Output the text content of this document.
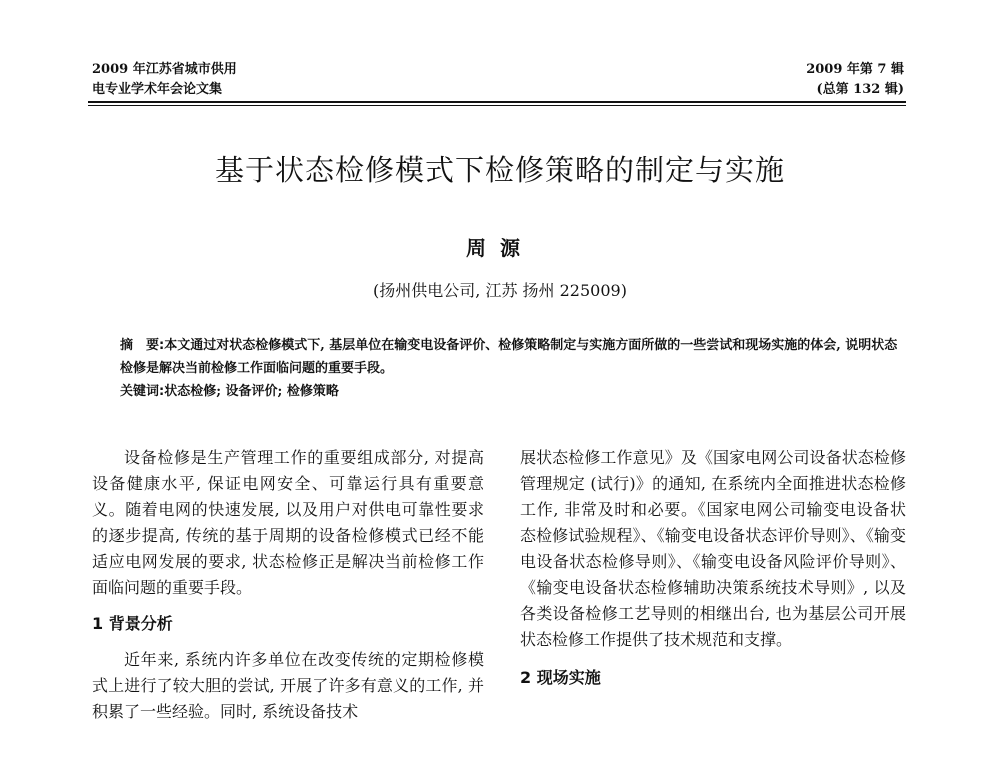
2009 年江苏省城市供用
电专业学术年会论文集
2009 年第 7 辑
(总第 132 辑)
基于状态检修模式下检修策略的制定与实施
周源
(扬州供电公司, 江苏 扬州 225009)

摘　要:本文通过对状态检修模式下, 基层单位在输变电设备评价、检修策略制定与实施方面所做的一些尝试和现场实施的体会, 说明状态检修是解决当前检修工作面临问题的重要手段。

关键词:状态检修; 设备评价; 检修策略

设备检修是生产管理工作的重要组成部分, 对提高设备健康水平, 保证电网安全、可靠运行具有重要意义。随着电网的快速发展, 以及用户对供电可靠性要求的逐步提高, 传统的基于周期的设备检修模式已经不能适应电网发展的要求, 状态检修正是解决当前检修工作面临问题的重要手段。

1 背景分析

近年来, 系统内许多单位在改变传统的定期检修模式上进行了较大胆的尝试, 开展了许多有意义的工作, 并积累了一些经验。同时, 系统设备技术

展状态检修工作意见》及《国家电网公司设备状态检修管理规定 (试行)》的通知, 在系统内全面推进状态检修工作, 非常及时和必要。《国家电网公司输变电设备状态检修试验规程》、《输变电设备状态评价导则》、《输变电设备状态检修导则》、《输变电设备风险评价导则》、《输变电设备状态检修辅助决策系统技术导则》, 以及各类设备检修工艺导则的相继出台, 也为基层公司开展状态检修工作提供了技术规范和支撑。

2 现场实施
